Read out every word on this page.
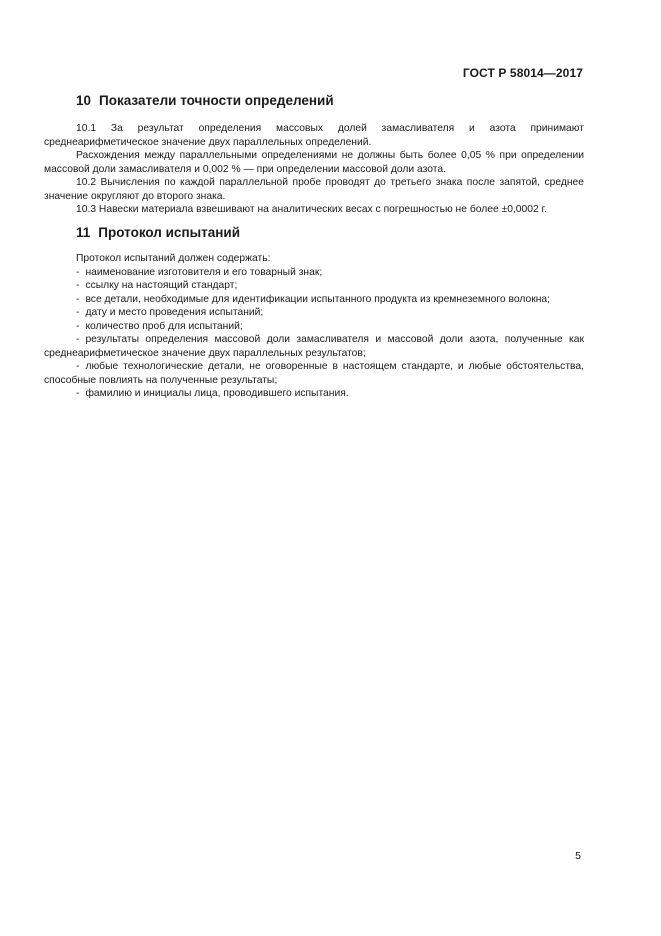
ГОСТ Р 58014—2017
10 Показатели точности определений

10.1 За результат определения массовых долей замасливателя и азота принимают среднеарифметическое значение двух параллельных определений.

Расхождения между параллельными определениями не должны быть более 0,05 % при определении массовой доли замасливателя и 0,002 % — при определении массовой доли азота.

10.2 Вычисления по каждой параллельной пробе проводят до третьего знака после запятой, среднее значение округляют до второго знака.

10.3 Навески материала взвешивают на аналитических весах с погрешностью не более ±0,0002 г.

11 Протокол испытаний

Протокол испытаний должен содержать:

- наименование изготовителя и его товарный знак;
- ссылку на настоящий стандарт;
- все детали, необходимые для идентификации испытанного продукта из кремнеземного волокна;
- дату и место проведения испытаний;
- количество проб для испытаний;
- результаты определения массовой доли замасливателя и массовой доли азота, полученные как среднеарифметическое значение двух параллельных результатов;
- любые технологические детали, не оговоренные в настоящем стандарте, и любые обстоятельства, способные повлиять на полученные результаты;
- фамилию и инициалы лица, проводившего испытания.
5
